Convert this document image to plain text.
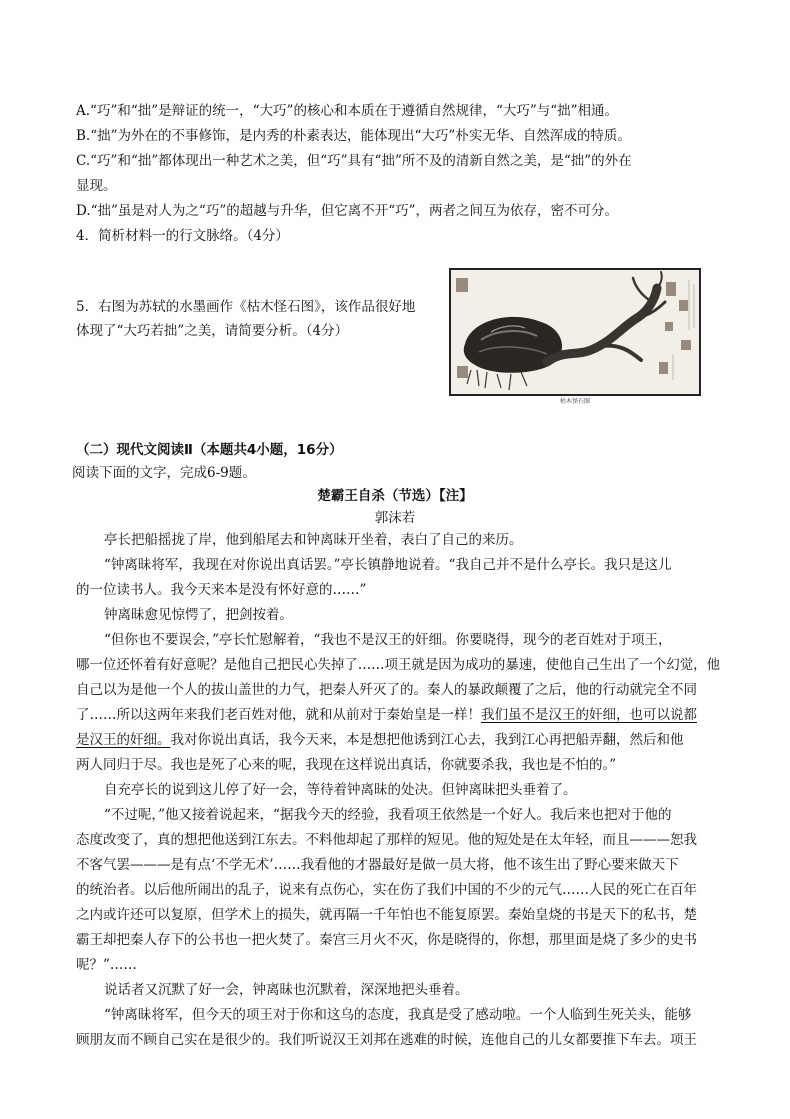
A.“巧”和“拙”是辩证的统一，“大巧”的核心和本质在于遵循自然规律，“大巧”与“拙”相通。
B.“拙”为外在的不事修饰，是内秀的朴素表达，能体现出“大巧”朴实无华、自然浑成的特质。
C.“巧”和“拙”都体现出一种艺术之美，但“巧”具有“拙”所不及的清新自然之美，是“拙”的外在
显现。
D.“拙”虽是对人为之“巧”的超越与升华，但它离不开“巧”，两者之间互为依存，密不可分。
4．简析材料一的行文脉络。（4分）
5．右图为苏轼的水墨画作《枯木怪石图》，该作品很好地体现了“大巧若拙”之美，请简要分析。（4分）
枯木怪石图
（二）现代文阅读Ⅱ（本题共4小题，16分）
阅读下面的文字，完成6-9题。
楚霸王自杀（节选）【注】
郭沫若
亭长把船摇拢了岸，他到船尾去和钟离昧开坐着，表白了自己的来历。
“钟离昧将军，我现在对你说出真话罢。”亭长镇静地说着。“我自己并不是什么亭长。我只是这儿
的一位读书人。我今天来本是没有怀好意的……”
钟离昧愈见惊愕了，把剑按着。
“但你也不要误会，”亭长忙慰解着，“我也不是汉王的奸细。你要晓得，现今的老百姓对于项王，
哪一位还怀着有好意呢？是他自己把民心失掉了……项王就是因为成功的暴速，使他自己生出了一个幻觉，他
自己以为是他一个人的拔山盖世的力气，把秦人歼灭了的。秦人的暴政颠覆了之后，他的行动就完全不同
了……所以这两年来我们老百姓对他，就和从前对于秦始皇是一样！我们虽不是汉王的奸细，也可以说都
是汉王的奸细。我对你说出真话，我今天来，本是想把他诱到江心去，我到江心再把船弄翻，然后和他
两人同归于尽。我也是死了心来的呢，我现在这样说出真话，你就要杀我，我也是不怕的。”
自充亭长的说到这儿停了好一会，等待着钟离昧的处决。但钟离昧把头垂着了。
“不过呢，”他又接着说起来，“据我今天的经验，我看项王依然是一个好人。我后来也把对于他的
态度改变了，真的想把他送到江东去。不料他却起了那样的短见。他的短处是在太年轻，而且———恕我
不客气罢———是有点‘不学无术’……我看他的才器最好是做一员大将，他不该生出了野心要来做天下
的统治者。以后他所闹出的乱子，说来有点伤心，实在伤了我们中国的不少的元气……人民的死亡在百年
之内或许还可以复原，但学术上的损失，就再隔一千年怕也不能复原罢。秦始皇烧的书是天下的私书，楚
霸王却把秦人存下的公书也一把火焚了。秦宫三月火不灭，你是晓得的，你想，那里面是烧了多少的史书
呢？”……
说话者又沉默了好一会，钟离昧也沉默着，深深地把头垂着。
“钟离昧将军，但今天的项王对于你和这乌的态度，我真是受了感动啦。一个人临到生死关头，能够
顾朋友而不顾自己实在是很少的。我们听说汉王刘邦在逃难的时候，连他自己的儿女都要推下车去。项王
